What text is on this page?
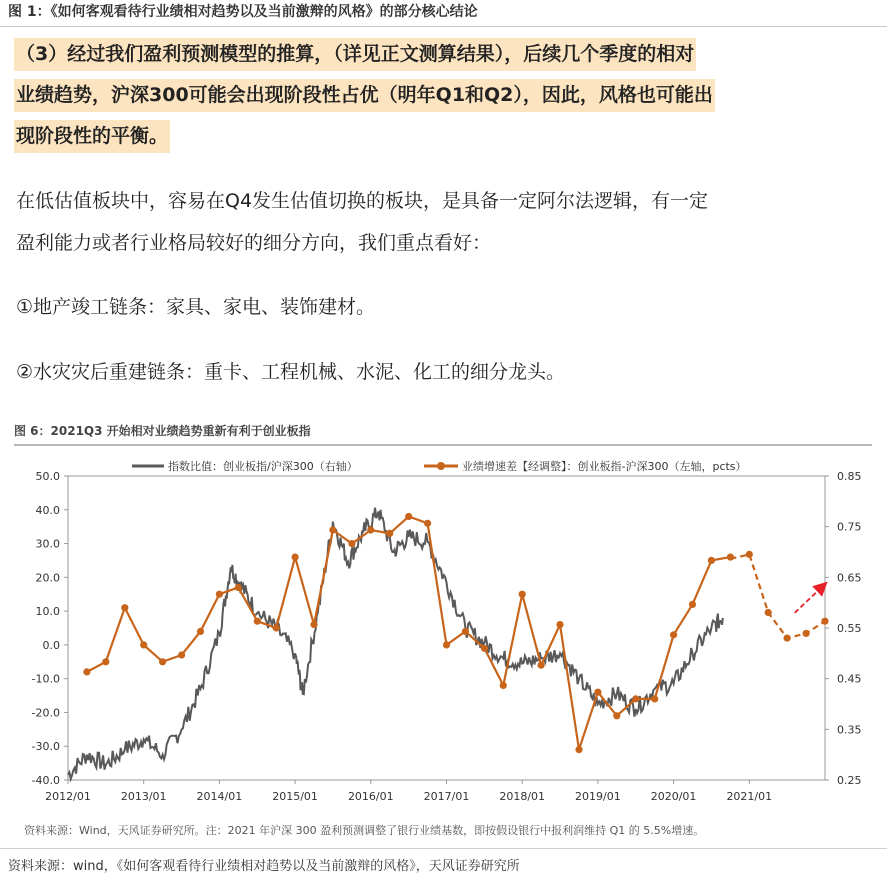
图 1：《如何客观看待行业绩相对趋势以及当前激辩的风格》的部分核心结论
（3）经过我们盈利预测模型的推算，（详见正文测算结果），后续几个季度的相对
业绩趋势，沪深300可能会出现阶段性占优（明年Q1和Q2），因此，风格也可能出
现阶段性的平衡。
在低估值板块中，容易在Q4发生估值切换的板块，是具备一定阿尔法逻辑，有一定
盈利能力或者行业格局较好的细分方向，我们重点看好：
①地产竣工链条：家具、家电、装饰建材。
②水灾灾后重建链条：重卡、工程机械、水泥、化工的细分龙头。
图 6：2021Q3 开始相对业绩趋势重新有利于创业板指
50.0
40.0
30.0
20.0
10.0
0.0
-10.0
-20.0
-30.0
-40.0
0.85
0.75
0.65
0.55
0.45
0.35
0.25
2012/01	2013/01	2014/01	2015/01	2016/01	2017/01	2018/01	2019/01	2020/01	2021/01
指数比值：创业板指/沪深300（右轴）	业绩增速差【经调整】：创业板指-沪深300（左轴，pcts）
资料来源：Wind，天风证券研究所。注：2021 年沪深 300 盈利预测调整了银行业绩基数，即按假设银行中报利润维持 Q1 的 5.5%增速。
资料来源：wind，《如何客观看待行业绩相对趋势以及当前激辩的风格》，天风证券研究所
